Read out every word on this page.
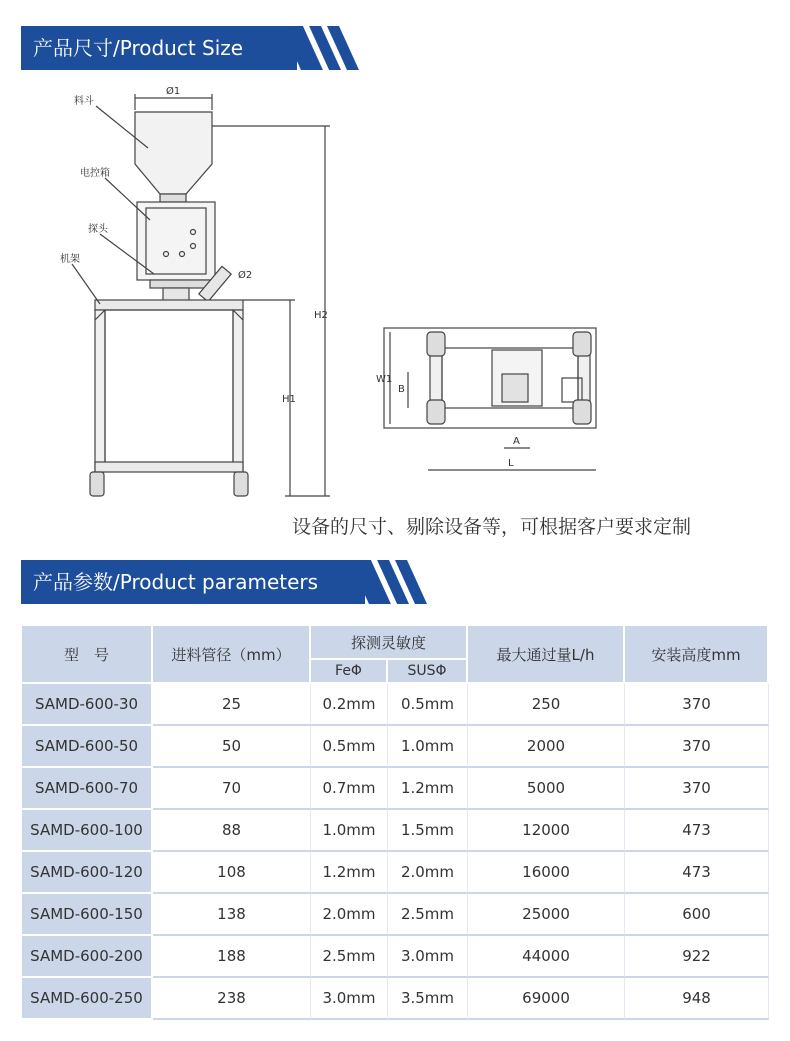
产品尺寸/Product Size
料斗
电控箱
探头
机架
Ø1
Ø2
H1
H2
W1
B
A
L
设备的尺寸、剔除设备等，可根据客户要求定制
产品参数/Product parameters
型　号	进料管径（mm）	探测灵敏度		最大通过量L/h	安装高度mm
		FeΦ	SUSΦ		
SAMD-600-30	25	0.2mm	0.5mm	250	370
SAMD-600-50	50	0.5mm	1.0mm	2000	370
SAMD-600-70	70	0.7mm	1.2mm	5000	370
SAMD-600-100	88	1.0mm	1.5mm	12000	473
SAMD-600-120	108	1.2mm	2.0mm	16000	473
SAMD-600-150	138	2.0mm	2.5mm	25000	600
SAMD-600-200	188	2.5mm	3.0mm	44000	922
SAMD-600-250	238	3.0mm	3.5mm	69000	948
